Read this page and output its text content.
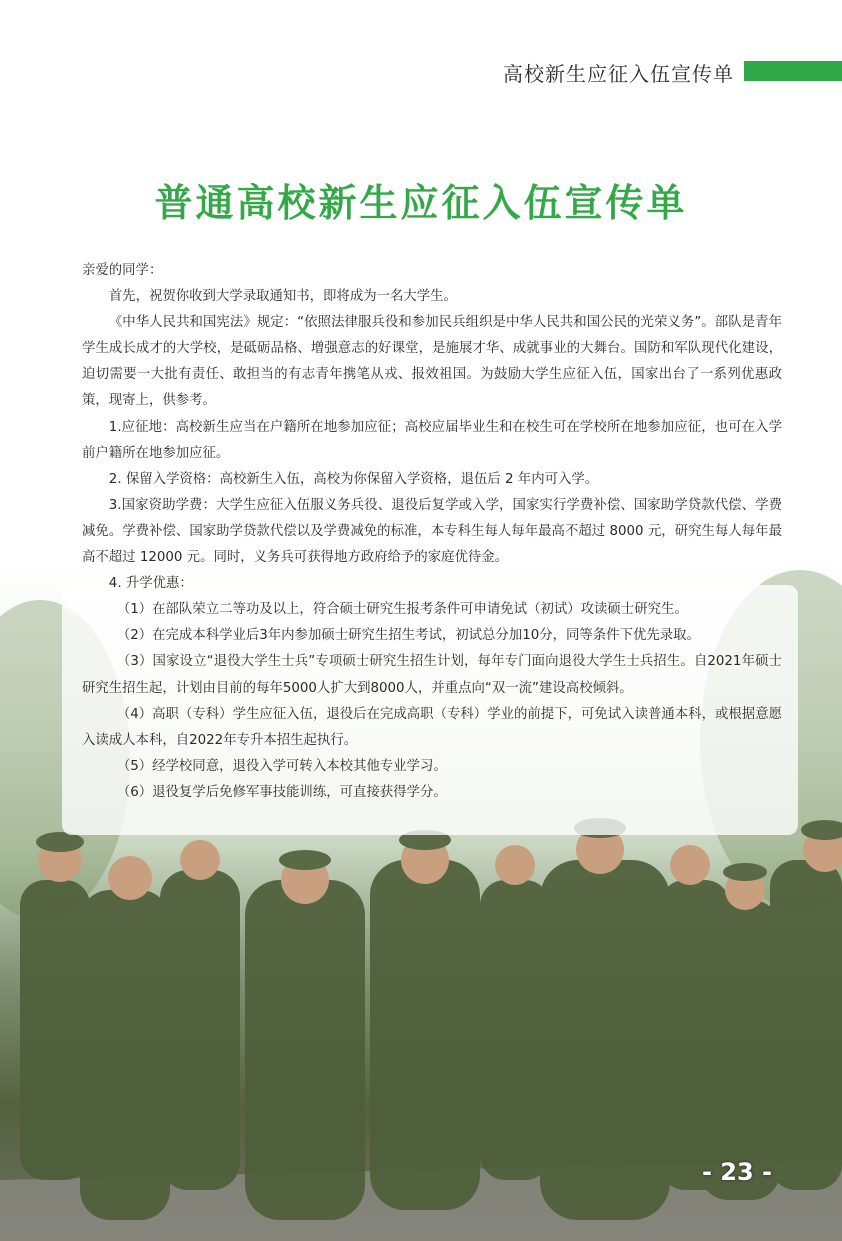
高校新生应征入伍宣传单
普通高校新生应征入伍宣传单

亲爱的同学：

首先，祝贺你收到大学录取通知书，即将成为一名大学生。

《中华人民共和国宪法》规定：“依照法律服兵役和参加民兵组织是中华人民共和国公民的光荣义务”。部队是青年学生成长成才的大学校，是砥砺品格、增强意志的好课堂，是施展才华、成就事业的大舞台。国防和军队现代化建设，迫切需要一大批有责任、敢担当的有志青年携笔从戎、报效祖国。为鼓励大学生应征入伍，国家出台了一系列优惠政策，现寄上，供参考。

1.应征地：高校新生应当在户籍所在地参加应征；高校应届毕业生和在校生可在学校所在地参加应征，也可在入学前户籍所在地参加应征。

2. 保留入学资格：高校新生入伍，高校为你保留入学资格，退伍后 2 年内可入学。

3.国家资助学费：大学生应征入伍服义务兵役、退役后复学或入学，国家实行学费补偿、国家助学贷款代偿、学费减免。学费补偿、国家助学贷款代偿以及学费减免的标准，本专科生每人每年最高不超过 8000 元，研究生每人每年最高不超过 12000 元。同时，义务兵可获得地方政府给予的家庭优待金。

4. 升学优惠：

（1）在部队荣立二等功及以上，符合硕士研究生报考条件可申请免试（初试）攻读硕士研究生。

（2）在完成本科学业后3年内参加硕士研究生招生考试，初试总分加10分，同等条件下优先录取。

（3）国家设立“退役大学生士兵”专项硕士研究生招生计划，每年专门面向退役大学生士兵招生。自2021年硕士研究生招生起，计划由目前的每年5000人扩大到8000人，并重点向“双一流”建设高校倾斜。

（4）高职（专科）学生应征入伍，退役后在完成高职（专科）学业的前提下，可免试入读普通本科，或根据意愿入读成人本科，自2022年专升本招生起执行。

（5）经学校同意，退役入学可转入本校其他专业学习。

（6）退役复学后免修军事技能训练，可直接获得学分。

- 23 -
